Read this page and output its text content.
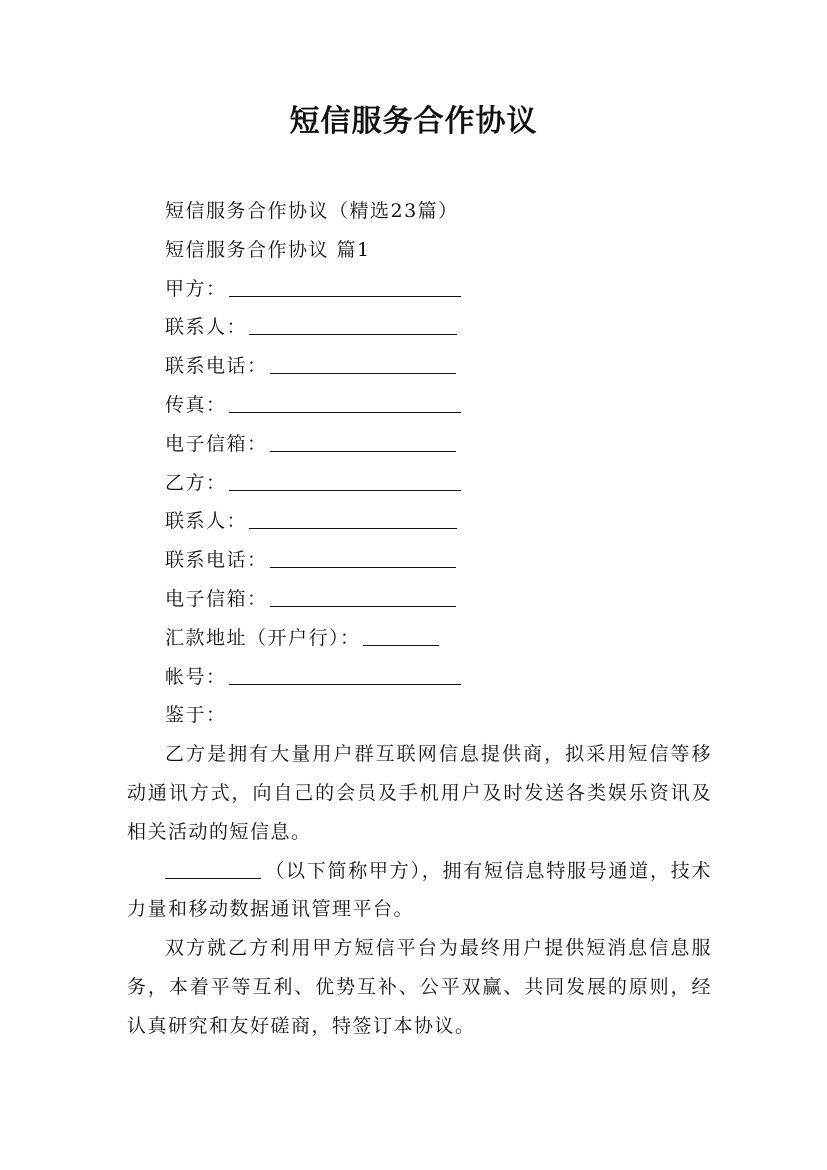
短信服务合作协议
短信服务合作协议（精选23篇）
短信服务合作协议 篇1
甲方：
联系人：
联系电话：
传真：
电子信箱：
乙方：
联系人：
联系电话：
电子信箱：
汇款地址（开户行）：
帐号：
鉴于：

乙方是拥有大量用户群互联网信息提供商，拟采用短信等移动通讯方式，向自己的会员及手机用户及时发送各类娱乐资讯及相关活动的短信息。

（以下简称甲方），拥有短信息特服号通道，技术力量和移动数据通讯管理平台。

双方就乙方利用甲方短信平台为最终用户提供短消息信息服务，本着平等互利、优势互补、公平双赢、共同发展的原则，经认真研究和友好磋商，特签订本协议。
